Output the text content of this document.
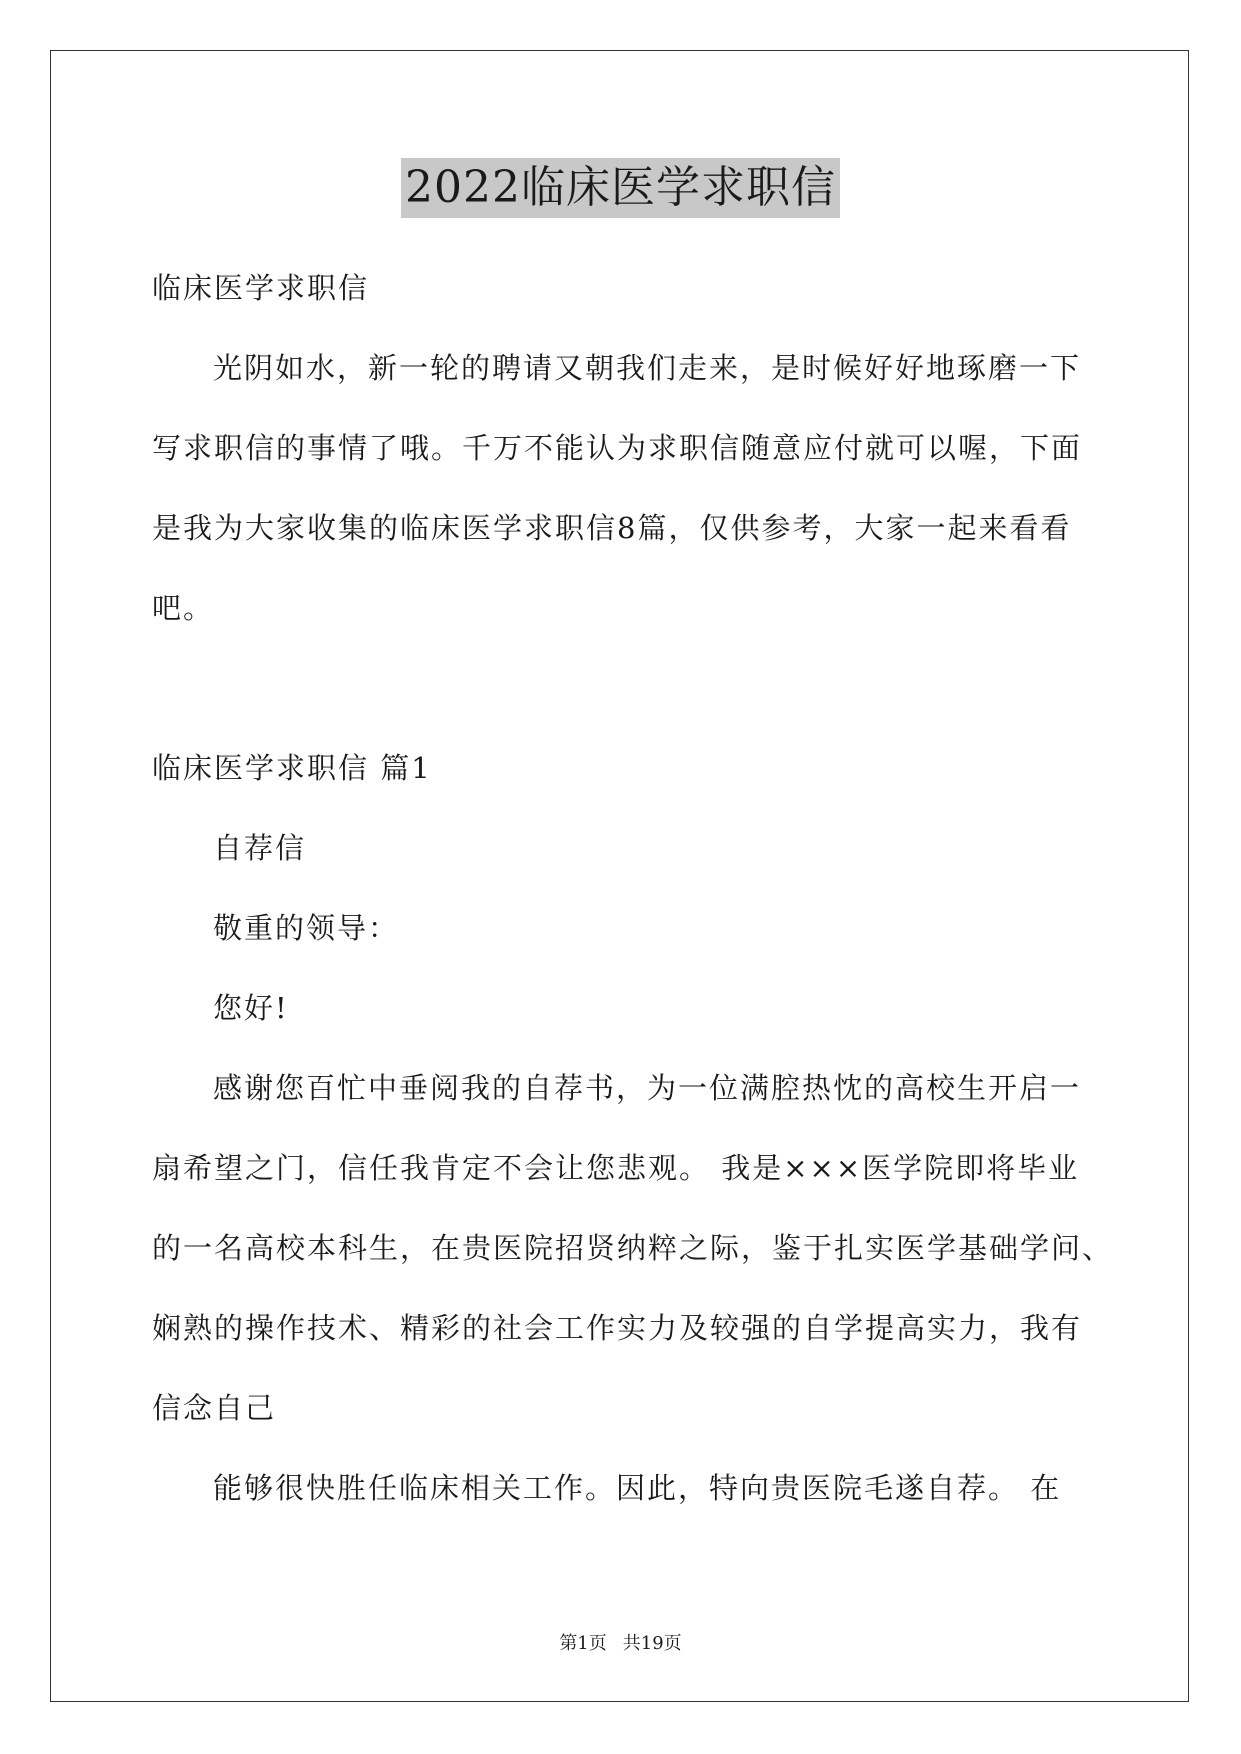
2022临床医学求职信
临床医学求职信
光阴如水，新一轮的聘请又朝我们走来，是时候好好地琢磨一下
写求职信的事情了哦。千万不能认为求职信随意应付就可以喔，下面
是我为大家收集的临床医学求职信8篇，仅供参考，大家一起来看看
吧。
临床医学求职信 篇1
自荐信
敬重的领导：
您好!
感谢您百忙中垂阅我的自荐书，为一位满腔热忱的高校生开启一
扇希望之门，信任我肯定不会让您悲观。 我是×××医学院即将毕业
的一名高校本科生，在贵医院招贤纳粹之际，鉴于扎实医学基础学问、
娴熟的操作技术、精彩的社会工作实力及较强的自学提高实力，我有
信念自己
能够很快胜任临床相关工作。因此，特向贵医院毛遂自荐。 在
第1页 共19页
